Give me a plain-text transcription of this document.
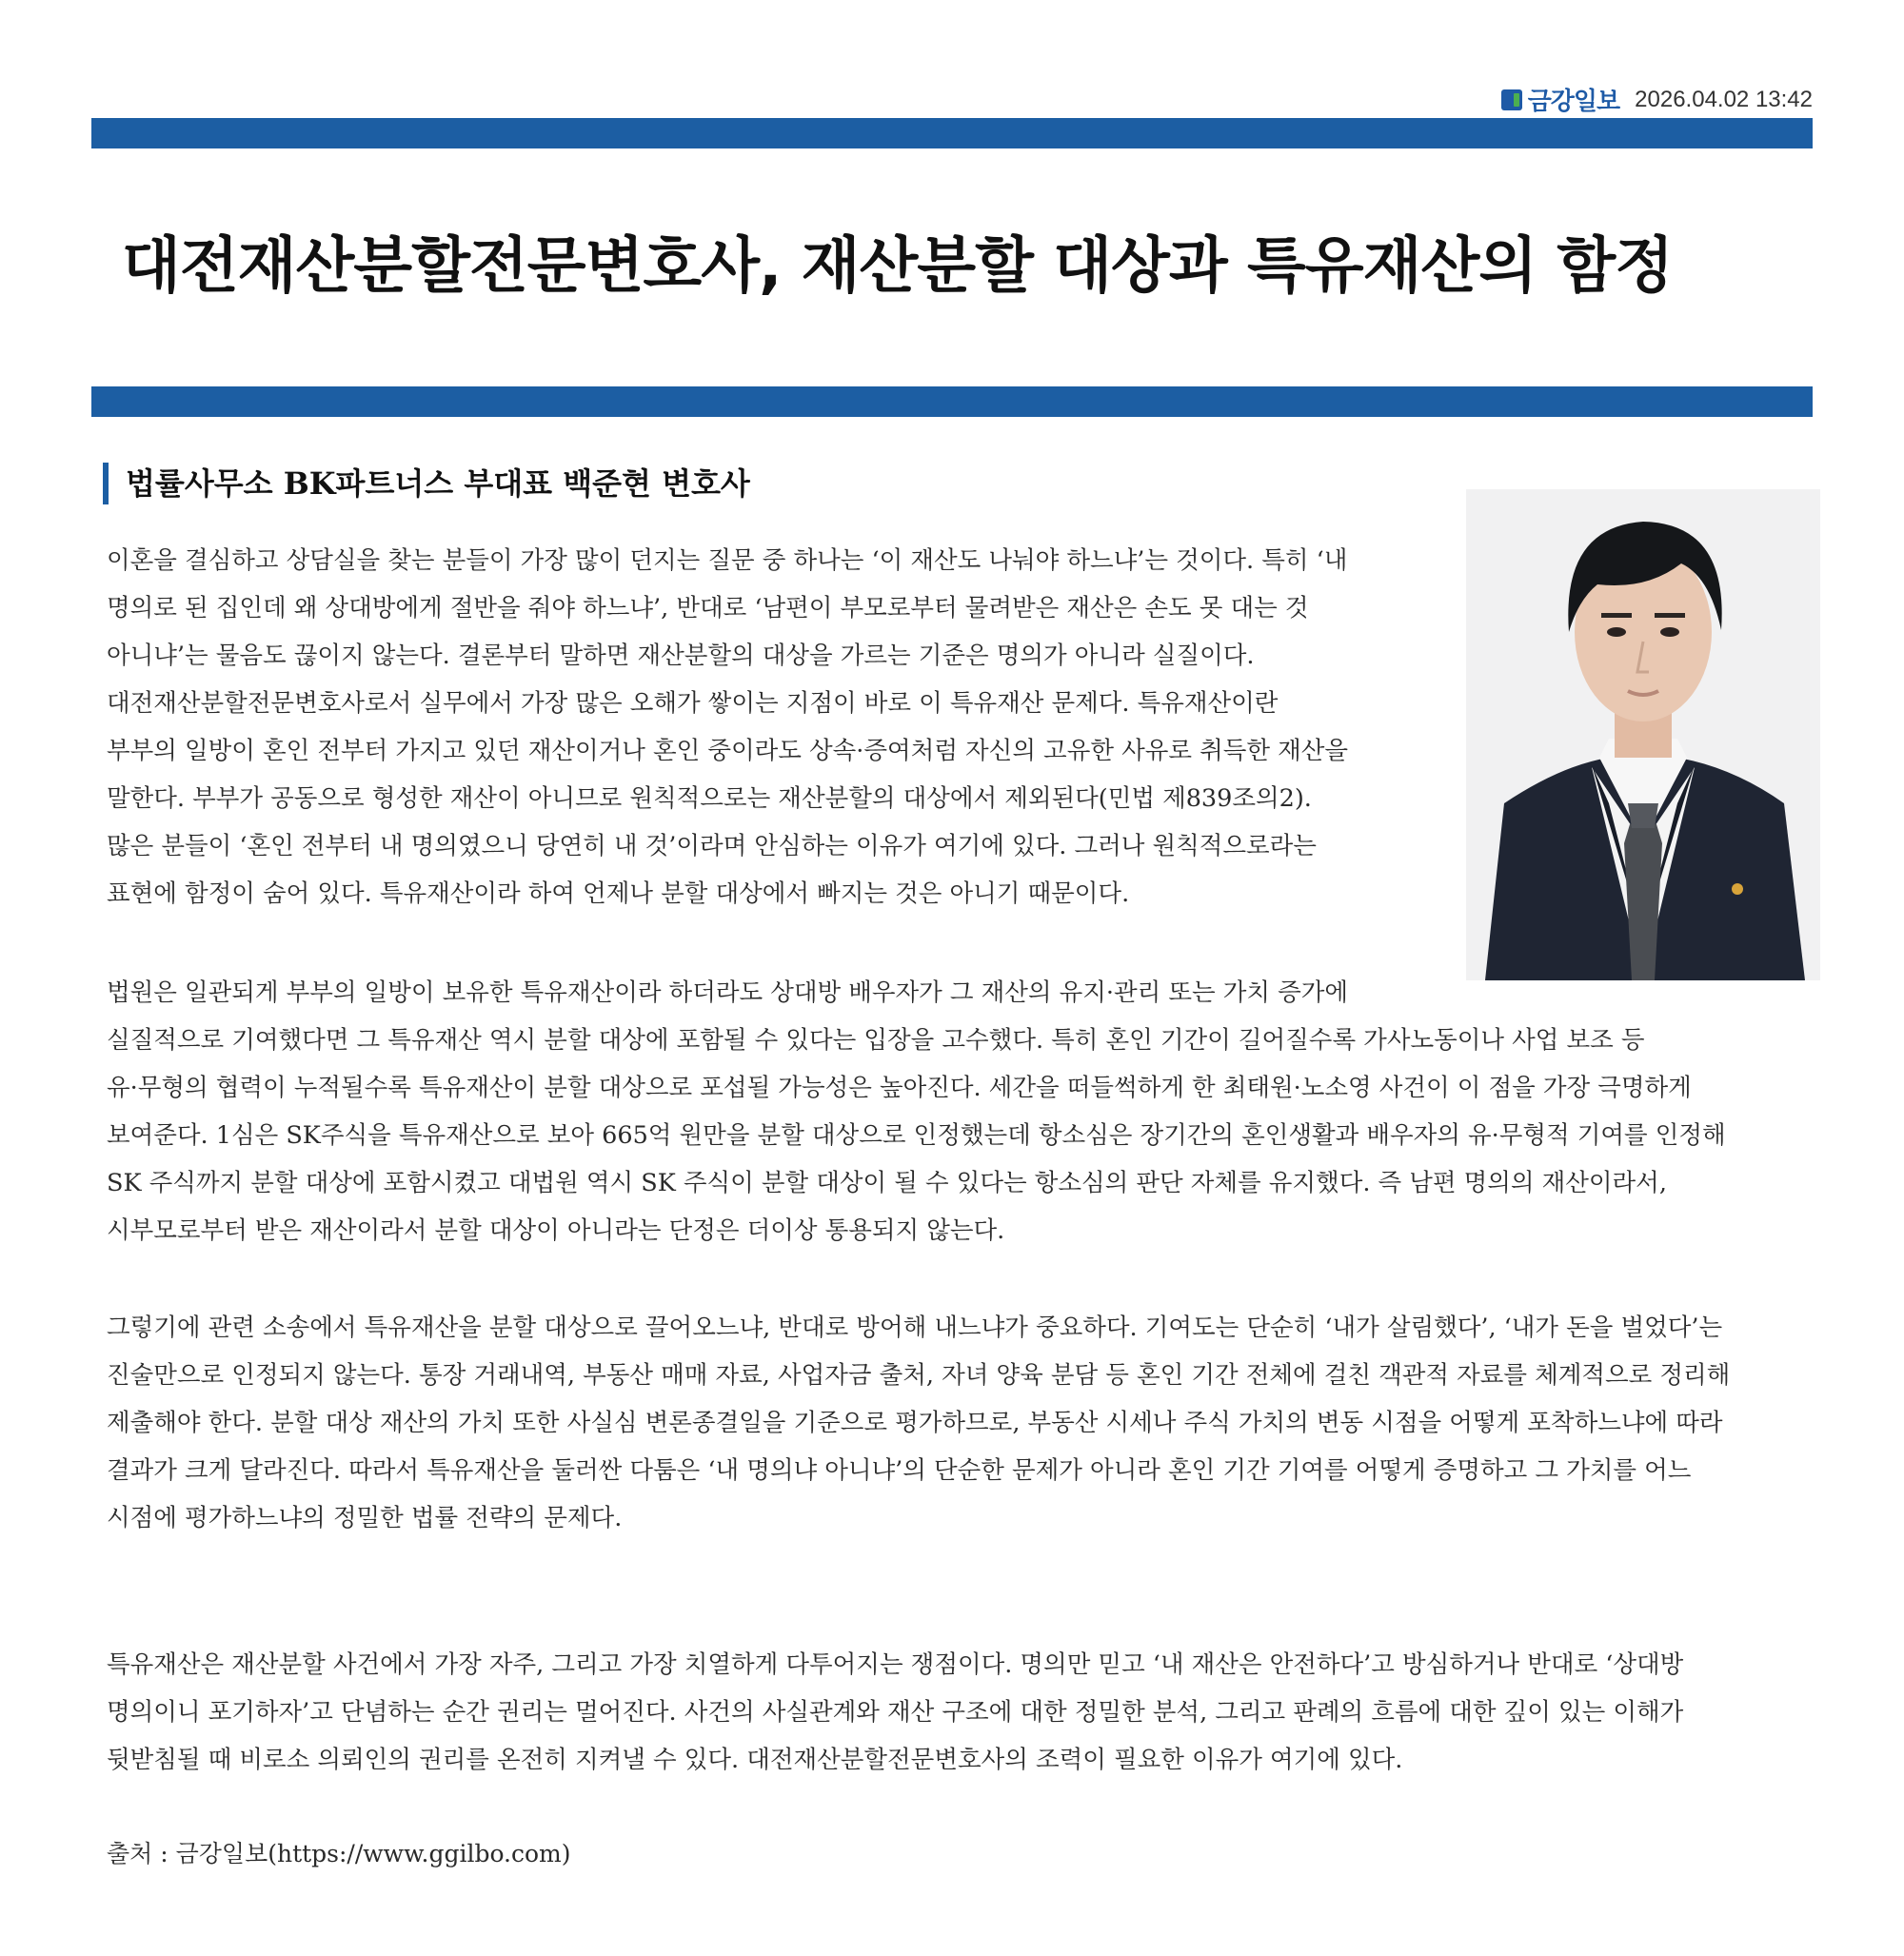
금강일보 2026.04.02 13:42
대전재산분할전문변호사, 재산분할 대상과 특유재산의 함정
법률사무소 BK파트너스 부대표 백준현 변호사
이혼을 결심하고 상담실을 찾는 분들이 가장 많이 던지는 질문 중 하나는 ‘이 재산도 나눠야 하느냐’는 것이다. 특히 ‘내
명의로 된 집인데 왜 상대방에게 절반을 줘야 하느냐’, 반대로 ‘남편이 부모로부터 물려받은 재산은 손도 못 대는 것
아니냐’는 물음도 끊이지 않는다. 결론부터 말하면 재산분할의 대상을 가르는 기준은 명의가 아니라 실질이다.
대전재산분할전문변호사로서 실무에서 가장 많은 오해가 쌓이는 지점이 바로 이 특유재산 문제다. 특유재산이란
부부의 일방이 혼인 전부터 가지고 있던 재산이거나 혼인 중이라도 상속·증여처럼 자신의 고유한 사유로 취득한 재산을
말한다. 부부가 공동으로 형성한 재산이 아니므로 원칙적으로는 재산분할의 대상에서 제외된다(민법 제839조의2).
많은 분들이 ‘혼인 전부터 내 명의였으니 당연히 내 것’이라며 안심하는 이유가 여기에 있다. 그러나 원칙적으로라는
표현에 함정이 숨어 있다. 특유재산이라 하여 언제나 분할 대상에서 빠지는 것은 아니기 때문이다.
법원은 일관되게 부부의 일방이 보유한 특유재산이라 하더라도 상대방 배우자가 그 재산의 유지·관리 또는 가치 증가에
실질적으로 기여했다면 그 특유재산 역시 분할 대상에 포함될 수 있다는 입장을 고수했다. 특히 혼인 기간이 길어질수록 가사노동이나 사업 보조 등
유·무형의 협력이 누적될수록 특유재산이 분할 대상으로 포섭될 가능성은 높아진다. 세간을 떠들썩하게 한 최태원·노소영 사건이 이 점을 가장 극명하게
보여준다. 1심은 SK주식을 특유재산으로 보아 665억 원만을 분할 대상으로 인정했는데 항소심은 장기간의 혼인생활과 배우자의 유·무형적 기여를 인정해
SK 주식까지 분할 대상에 포함시켰고 대법원 역시 SK 주식이 분할 대상이 될 수 있다는 항소심의 판단 자체를 유지했다. 즉 남편 명의의 재산이라서,
시부모로부터 받은 재산이라서 분할 대상이 아니라는 단정은 더이상 통용되지 않는다.
그렇기에 관련 소송에서 특유재산을 분할 대상으로 끌어오느냐, 반대로 방어해 내느냐가 중요하다. 기여도는 단순히 ‘내가 살림했다’, ‘내가 돈을 벌었다’는
진술만으로 인정되지 않는다. 통장 거래내역, 부동산 매매 자료, 사업자금 출처, 자녀 양육 분담 등 혼인 기간 전체에 걸친 객관적 자료를 체계적으로 정리해
제출해야 한다. 분할 대상 재산의 가치 또한 사실심 변론종결일을 기준으로 평가하므로, 부동산 시세나 주식 가치의 변동 시점을 어떻게 포착하느냐에 따라
결과가 크게 달라진다. 따라서 특유재산을 둘러싼 다툼은 ‘내 명의냐 아니냐’의 단순한 문제가 아니라 혼인 기간 기여를 어떻게 증명하고 그 가치를 어느
시점에 평가하느냐의 정밀한 법률 전략의 문제다.
특유재산은 재산분할 사건에서 가장 자주, 그리고 가장 치열하게 다투어지는 쟁점이다. 명의만 믿고 ‘내 재산은 안전하다’고 방심하거나 반대로 ‘상대방
명의이니 포기하자’고 단념하는 순간 권리는 멀어진다. 사건의 사실관계와 재산 구조에 대한 정밀한 분석, 그리고 판례의 흐름에 대한 깊이 있는 이해가
뒷받침될 때 비로소 의뢰인의 권리를 온전히 지켜낼 수 있다. 대전재산분할전문변호사의 조력이 필요한 이유가 여기에 있다.
출처 : 금강일보(https://www.ggilbo.com)
